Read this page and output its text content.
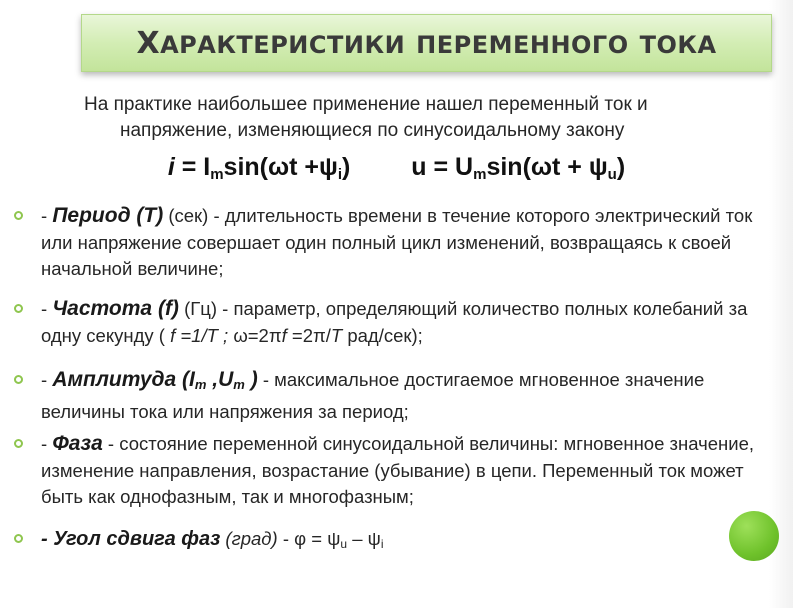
ХАРАКТЕРИСТИКИ ПЕРЕМЕННОГО ТОКА
На практике наибольшее применение нашел переменный ток и
напряжение, изменяющиеся по синусоидальному закону
$i = I_m\sin(\omega t +\psi_i) u = U_m\sin(\omega t + \psi_u)$
- Период (Т) (сек) - длительность времени в течение которого электрический ток или напряжение совершает один полный цикл изменений, возвращаясь к своей начальной величине;
- Частота (f) (Гц) - параметр, определяющий количество полных колебаний за одну секунду ( f =1/T ; ω=2πf =2π/T рад/сек);
- Амплитуда ($I_m$ $,U_m$ ) - максимальное достигаемое мгновенное значение величины тока или напряжения за период;
- Фаза - состояние переменной синусоидальной величины: мгновенное значение, изменение направления, возрастание (убывание) в цепи. Переменный ток может быть как однофазным, так и многофазным;
- Угол сдвига фаз (град) - $\varphi = \psi_u - \psi_i$
